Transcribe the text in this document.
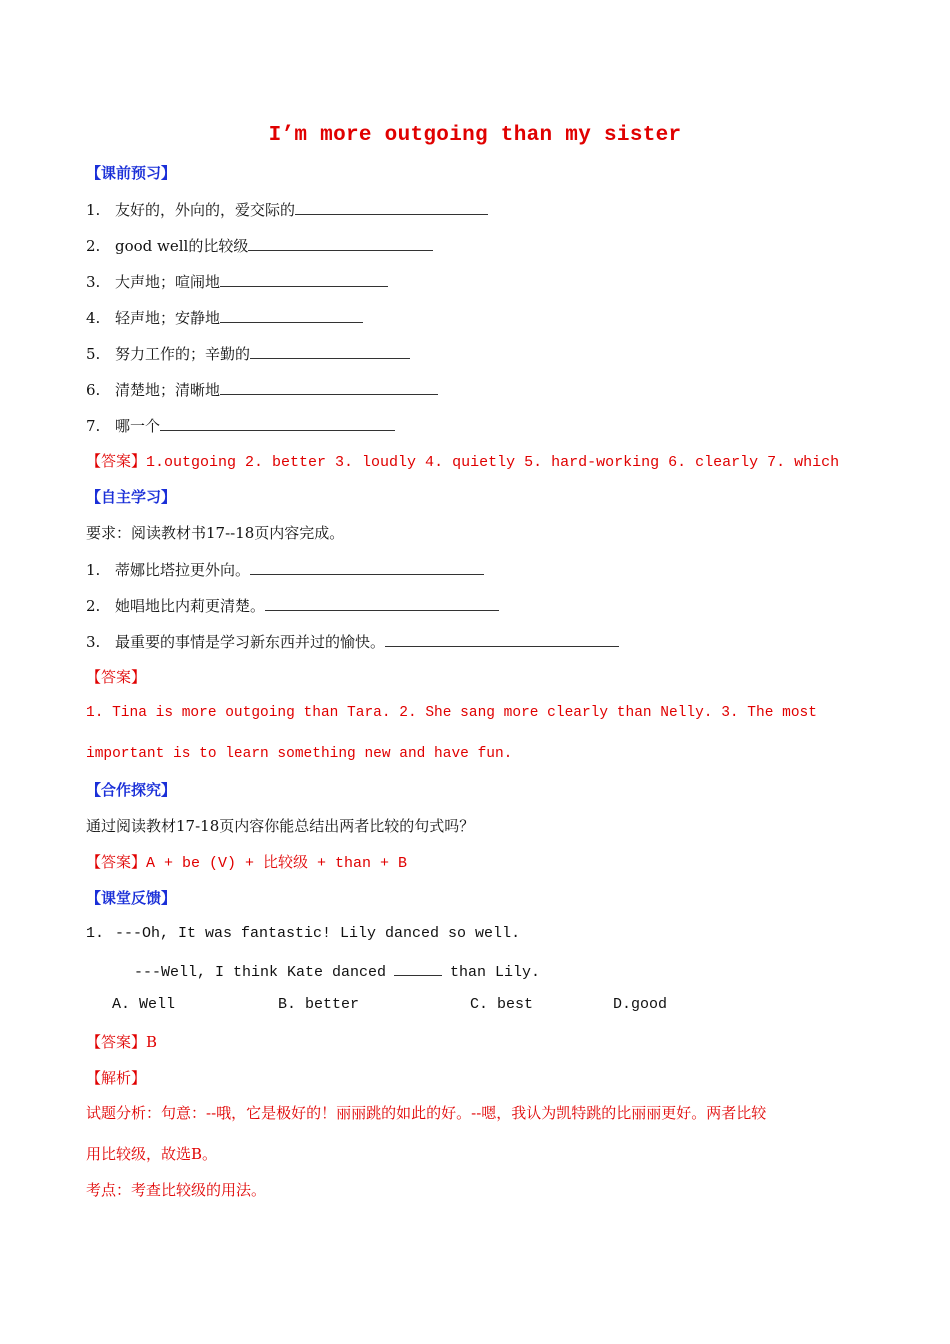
I’m more outgoing than my sister
【课前预习】
1. 友好的，外向的，爱交际的
2. good well的比较级
3. 大声地；喧闹地
4. 轻声地；安静地
5. 努力工作的；辛勤的
6. 清楚地；清晰地
7. 哪一个
【答案】1.outgoing 2. better 3. loudly 4. quietly 5. hard-working 6. clearly 7. which
【自主学习】
要求：阅读教材书17--18页内容完成。
1. 蒂娜比塔拉更外向。
2. 她唱地比内莉更清楚。
3. 最重要的事情是学习新东西并过的愉快。
【答案】
1. Tina is more outgoing than Tara. 2. She sang more clearly than Nelly. 3. The most
important is to learn something new and have fun.
【合作探究】
通过阅读教材17-18页内容你能总结出两者比较的句式吗？
【答案】A + be (V) + 比较级 + than + B
【课堂反馈】
1. ---Oh, It was fantastic! Lily danced so well.
---Well, I think Kate danced	than Lily.
A. Well	B. better	C. best	D.good
【答案】B
【解析】
试题分析：句意：--哦，它是极好的！丽丽跳的如此的好。--嗯，我认为凯特跳的比丽丽更好。两者比较
用比较级，故选B。
考点：考查比较级的用法。
